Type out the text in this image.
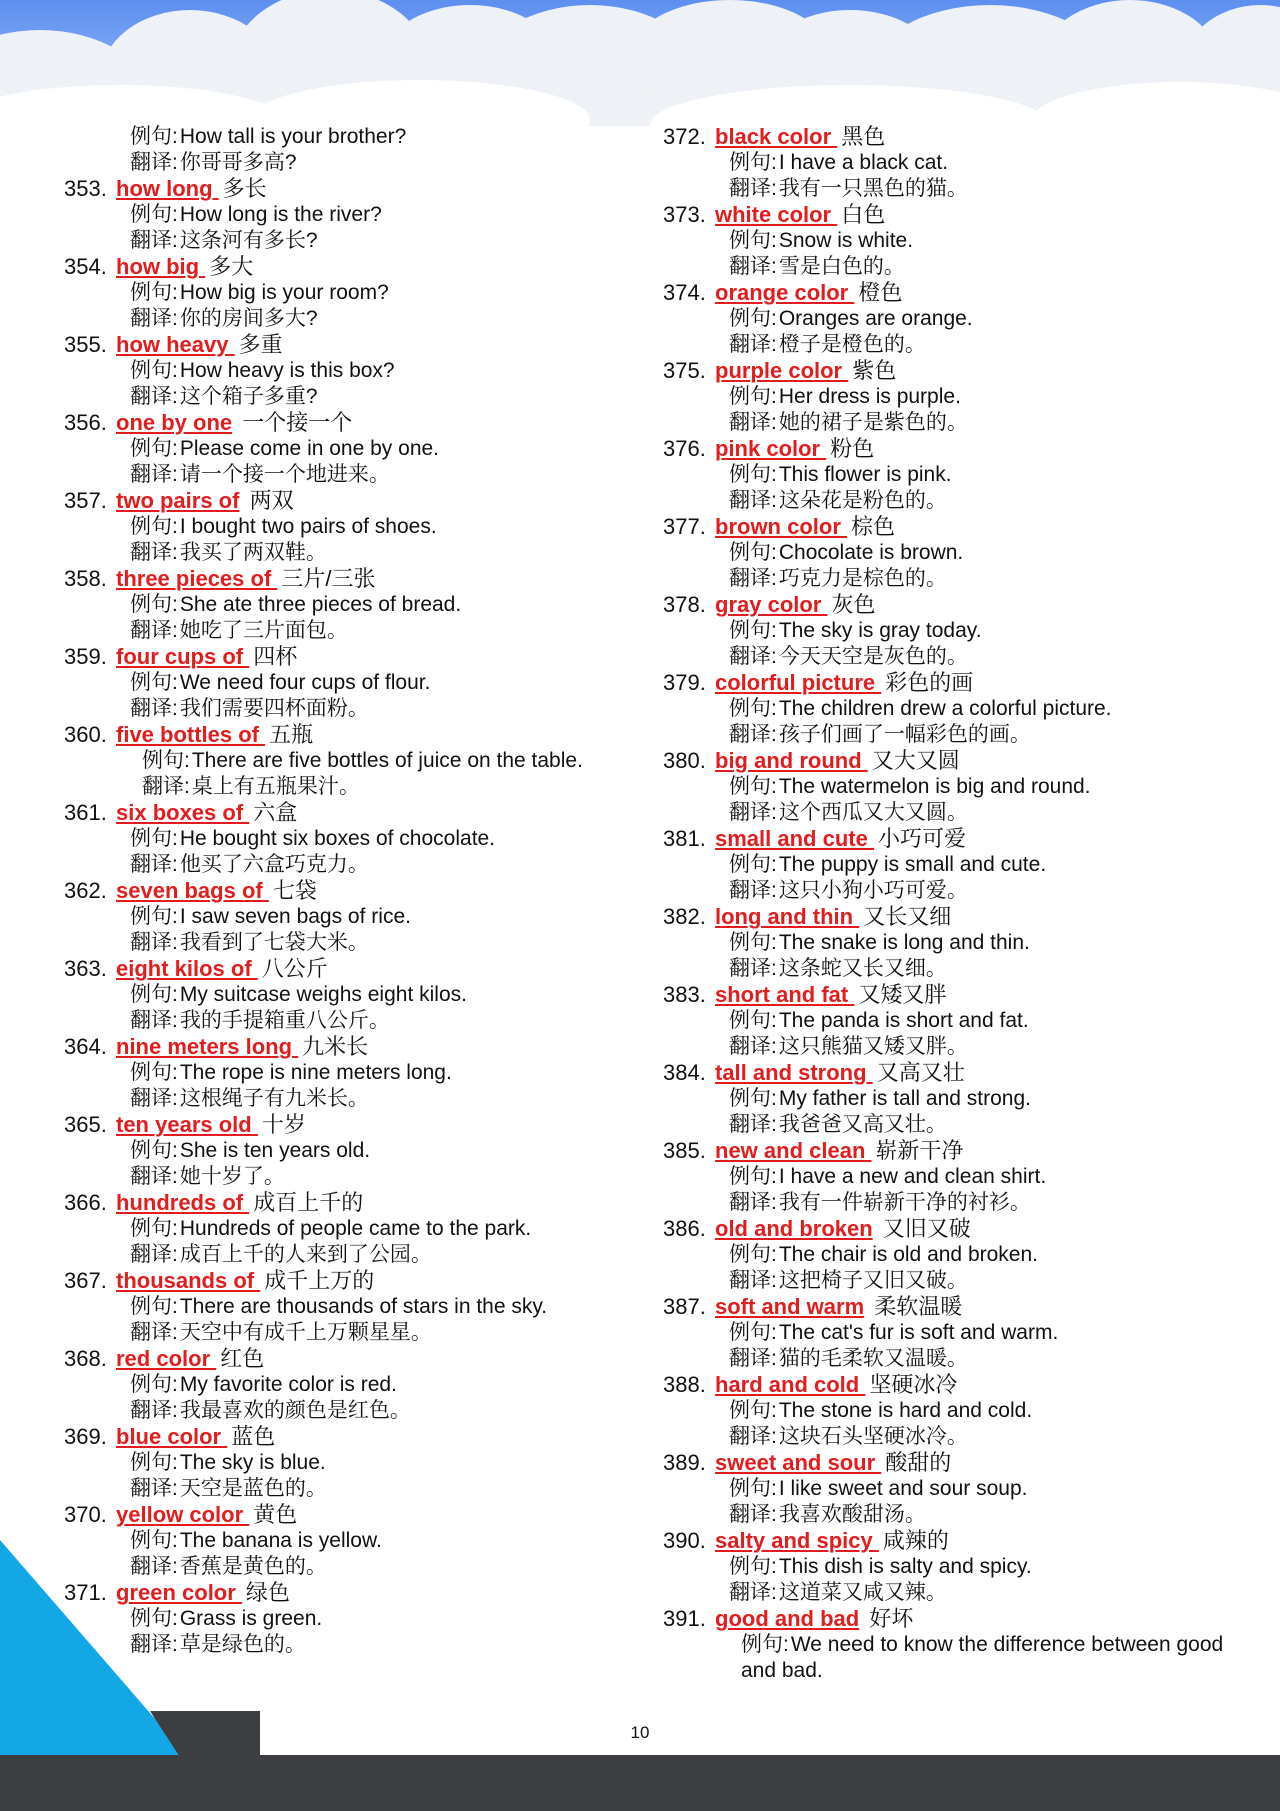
例句:How tall is your brother?
翻译:你哥哥多高?
353. how long 多长
例句:How long is the river?
翻译:这条河有多长?
354. how big 多大
例句:How big is your room?
翻译:你的房间多大?
355. how heavy 多重
例句:How heavy is this box?
翻译:这个箱子多重?
356. one by one 一个接一个
例句:Please come in one by one.
翻译:请一个接一个地进来。
357. two pairs of 两双
例句:I bought two pairs of shoes.
翻译:我买了两双鞋。
358. three pieces of 三片/三张
例句:She ate three pieces of bread.
翻译:她吃了三片面包。
359. four cups of 四杯
例句:We need four cups of flour.
翻译:我们需要四杯面粉。
360. five bottles of 五瓶
例句:There are five bottles of juice on the table.
翻译:桌上有五瓶果汁。
361. six boxes of 六盒
例句:He bought six boxes of chocolate.
翻译:他买了六盒巧克力。
362. seven bags of 七袋
例句:I saw seven bags of rice.
翻译:我看到了七袋大米。
363. eight kilos of 八公斤
例句:My suitcase weighs eight kilos.
翻译:我的手提箱重八公斤。
364. nine meters long 九米长
例句:The rope is nine meters long.
翻译:这根绳子有九米长。
365. ten years old 十岁
例句:She is ten years old.
翻译:她十岁了。
366. hundreds of 成百上千的
例句:Hundreds of people came to the park.
翻译:成百上千的人来到了公园。
367. thousands of 成千上万的
例句:There are thousands of stars in the sky.
翻译:天空中有成千上万颗星星。
368. red color 红色
例句:My favorite color is red.
翻译:我最喜欢的颜色是红色。
369. blue color 蓝色
例句:The sky is blue.
翻译:天空是蓝色的。
370. yellow color 黄色
例句:The banana is yellow.
翻译:香蕉是黄色的。
371. green color 绿色
例句:Grass is green.
翻译:草是绿色的。
372. black color 黑色
例句:I have a black cat.
翻译:我有一只黑色的猫。
373. white color 白色
例句:Snow is white.
翻译:雪是白色的。
374. orange color 橙色
例句:Oranges are orange.
翻译:橙子是橙色的。
375. purple color 紫色
例句:Her dress is purple.
翻译:她的裙子是紫色的。
376. pink color 粉色
例句:This flower is pink.
翻译:这朵花是粉色的。
377. brown color 棕色
例句:Chocolate is brown.
翻译:巧克力是棕色的。
378. gray color 灰色
例句:The sky is gray today.
翻译:今天天空是灰色的。
379. colorful picture 彩色的画
例句:The children drew a colorful picture.
翻译:孩子们画了一幅彩色的画。
380. big and round 又大又圆
例句:The watermelon is big and round.
翻译:这个西瓜又大又圆。
381. small and cute 小巧可爱
例句:The puppy is small and cute.
翻译:这只小狗小巧可爱。
382. long and thin 又长又细
例句:The snake is long and thin.
翻译:这条蛇又长又细。
383. short and fat 又矮又胖
例句:The panda is short and fat.
翻译:这只熊猫又矮又胖。
384. tall and strong 又高又壮
例句:My father is tall and strong.
翻译:我爸爸又高又壮。
385. new and clean 崭新干净
例句:I have a new and clean shirt.
翻译:我有一件崭新干净的衬衫。
386. old and broken 又旧又破
例句:The chair is old and broken.
翻译:这把椅子又旧又破。
387. soft and warm 柔软温暖
例句:The cat's fur is soft and warm.
翻译:猫的毛柔软又温暖。
388. hard and cold 坚硬冰冷
例句:The stone is hard and cold.
翻译:这块石头坚硬冰冷。
389. sweet and sour 酸甜的
例句:I like sweet and sour soup.
翻译:我喜欢酸甜汤。
390. salty and spicy 咸辣的
例句:This dish is salty and spicy.
翻译:这道菜又咸又辣。
391. good and bad 好坏
例句:We need to know the difference between good and bad.
10
